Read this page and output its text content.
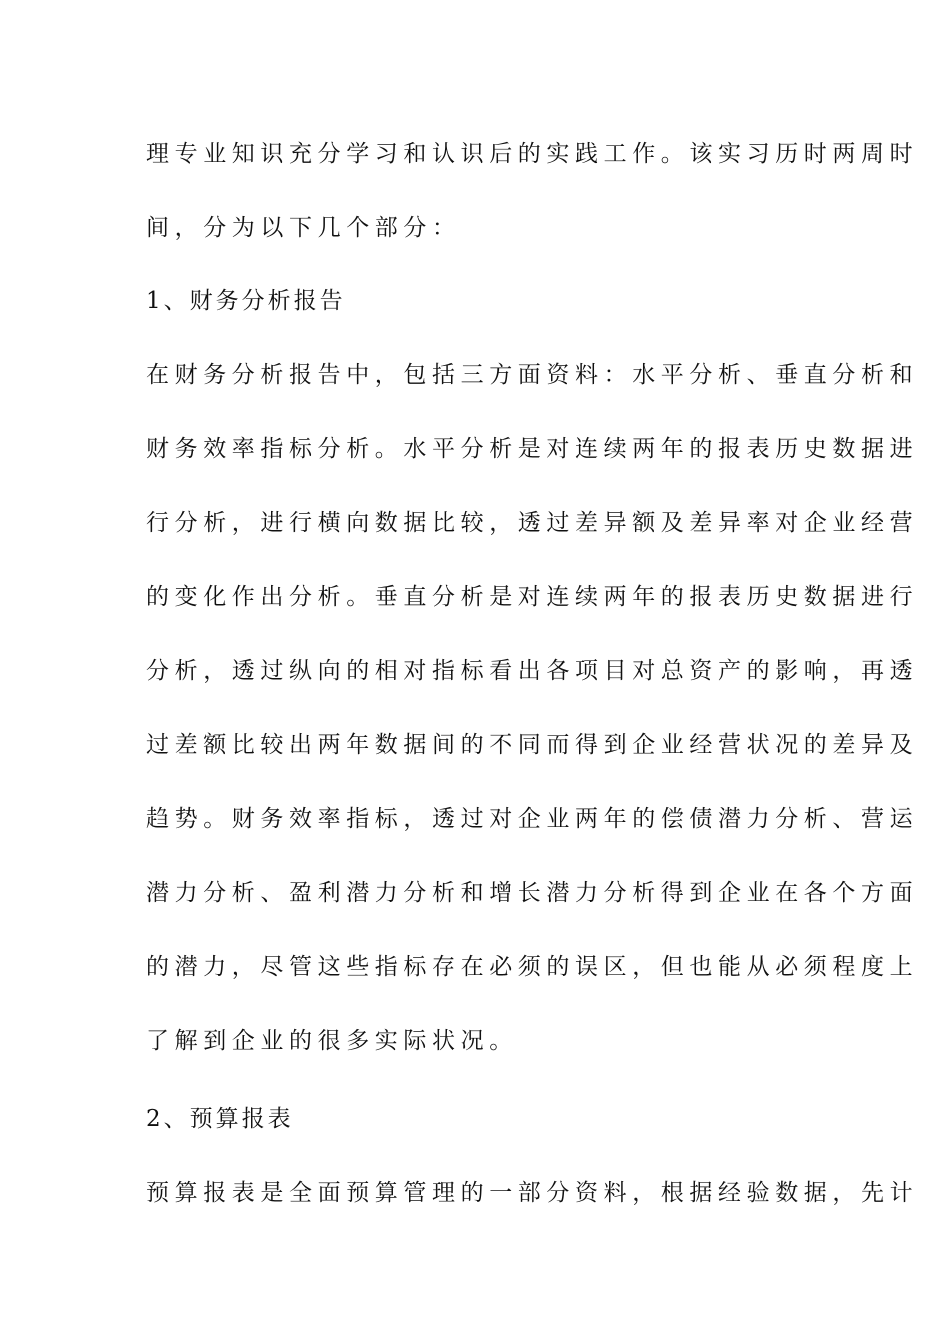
理专业知识充分学习和认识后的实践工作。该实习历时两周时
间，分为以下几个部分：
1、财务分析报告
在财务分析报告中，包括三方面资料：水平分析、垂直分析和
财务效率指标分析。水平分析是对连续两年的报表历史数据进
行分析，进行横向数据比较，透过差异额及差异率对企业经营
的变化作出分析。垂直分析是对连续两年的报表历史数据进行
分析，透过纵向的相对指标看出各项目对总资产的影响，再透
过差额比较出两年数据间的不同而得到企业经营状况的差异及
趋势。财务效率指标，透过对企业两年的偿债潜力分析、营运
潜力分析、盈利潜力分析和增长潜力分析得到企业在各个方面
的潜力，尽管这些指标存在必须的误区，但也能从必须程度上
了解到企业的很多实际状况。
2、预算报表
预算报表是全面预算管理的一部分资料，根据经验数据，先计
